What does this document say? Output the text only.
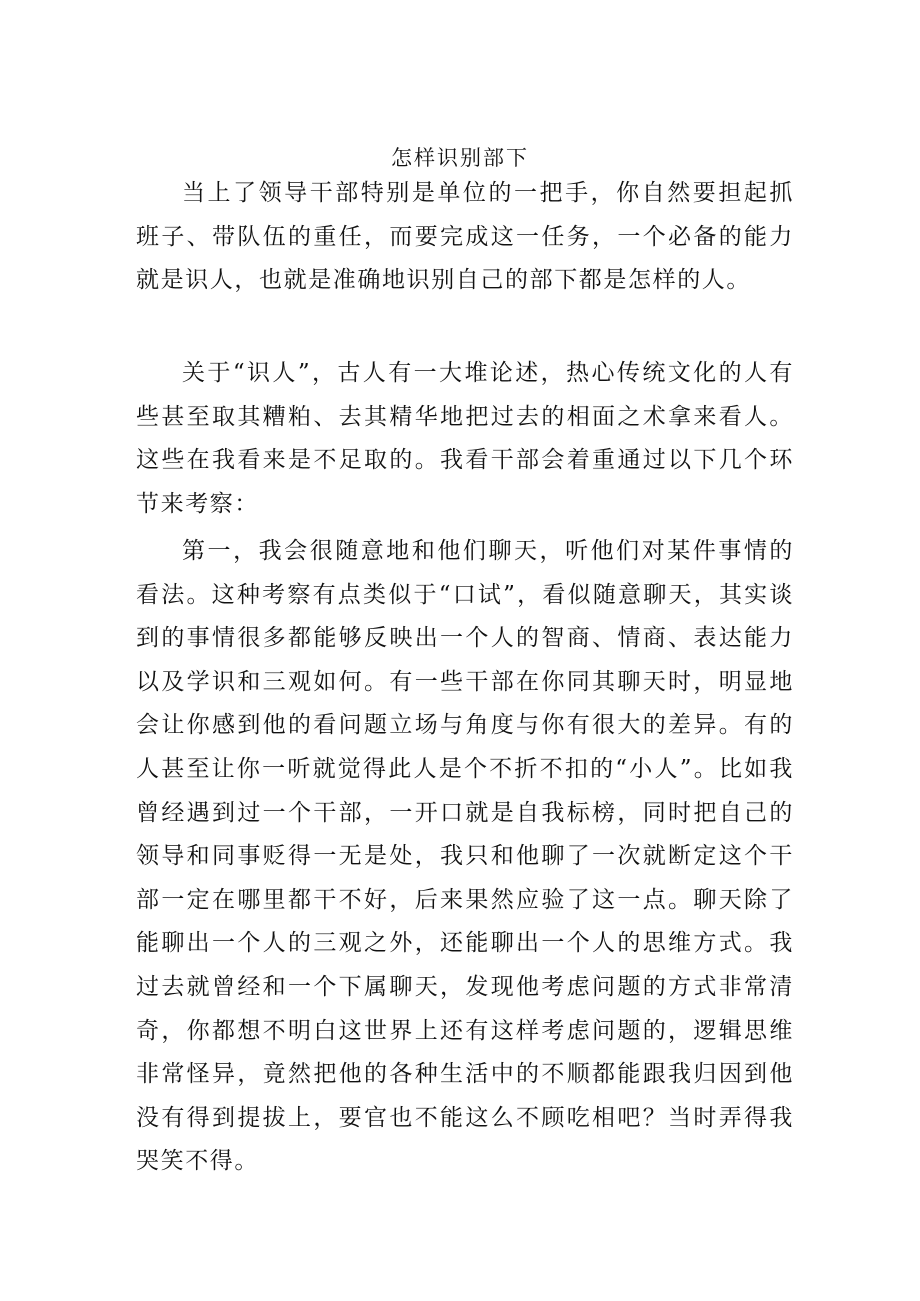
怎样识别部下

当上了领导干部特别是单位的一把手，你自然要担起抓班子、带队伍的重任，而要完成这一任务，一个必备的能力就是识人，也就是准确地识别自己的部下都是怎样的人。

关于“识人”，古人有一大堆论述，热心传统文化的人有些甚至取其糟粕、去其精华地把过去的相面之术拿来看人。这些在我看来是不足取的。我看干部会着重通过以下几个环节来考察：

第一，我会很随意地和他们聊天，听他们对某件事情的看法。这种考察有点类似于“口试”，看似随意聊天，其实谈到的事情很多都能够反映出一个人的智商、情商、表达能力以及学识和三观如何。有一些干部在你同其聊天时，明显地会让你感到他的看问题立场与角度与你有很大的差异。有的人甚至让你一听就觉得此人是个不折不扣的“小人”。比如我曾经遇到过一个干部，一开口就是自我标榜，同时把自己的领导和同事贬得一无是处，我只和他聊了一次就断定这个干部一定在哪里都干不好，后来果然应验了这一点。聊天除了能聊出一个人的三观之外，还能聊出一个人的思维方式。我过去就曾经和一个下属聊天，发现他考虑问题的方式非常清奇，你都想不明白这世界上还有这样考虑问题的，逻辑思维非常怪异，竟然把他的各种生活中的不顺都能跟我归因到他没有得到提拔上，要官也不能这么不顾吃相吧？当时弄得我哭笑不得。
